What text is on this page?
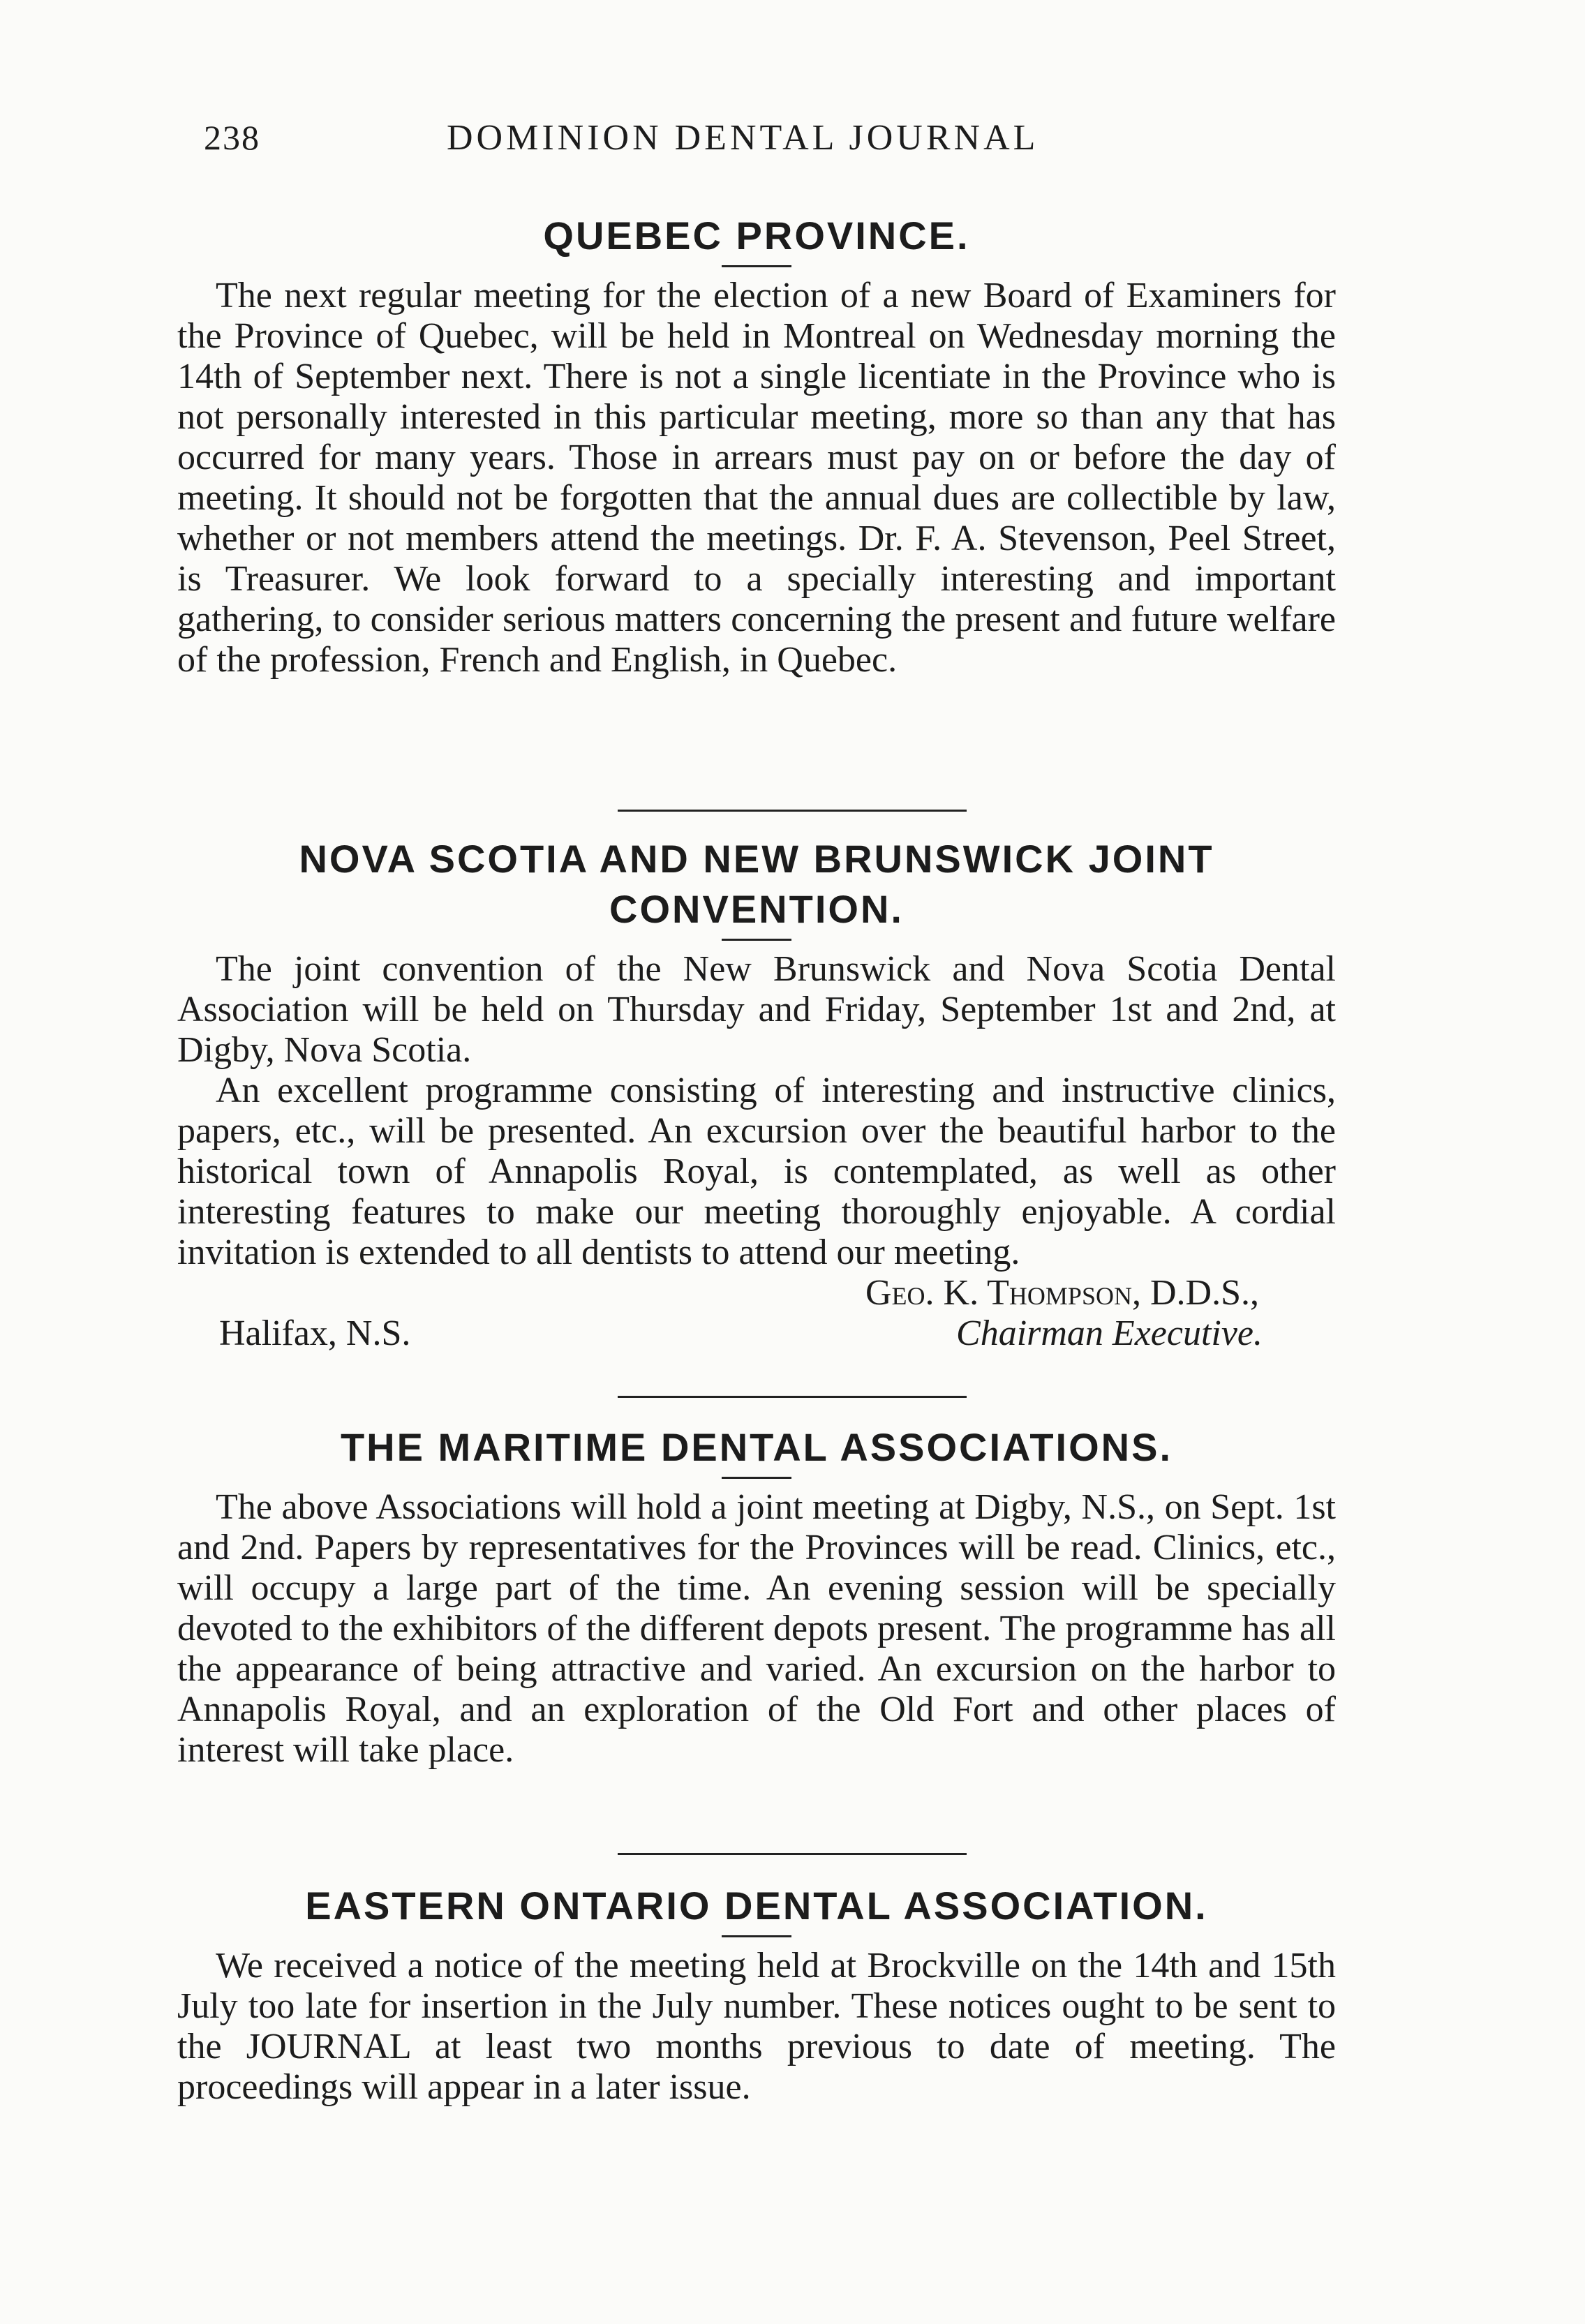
238	DOMINION DENTAL JOURNAL
QUEBEC PROVINCE.

The next regular meeting for the election of a new Board of Examiners for the Province of Quebec, will be held in Montreal on Wednesday morning the 14th of September next. There is not a single licentiate in the Province who is not personally interested in this particular meeting, more so than any that has occurred for many years. Those in arrears must pay on or before the day of meeting. It should not be forgotten that the annual dues are collectible by law, whether or not members attend the meetings. Dr. F. A. Stevenson, Peel Street, is Treasurer. We look forward to a specially interesting and important gathering, to consider serious matters concerning the present and future welfare of the profession, French and English, in Quebec.

NOVA SCOTIA AND NEW BRUNSWICK JOINT
CONVENTION.

The joint convention of the New Brunswick and Nova Scotia Dental Association will be held on Thursday and Friday, September 1st and 2nd, at Digby, Nova Scotia.

An excellent programme consisting of interesting and instructive clinics, papers, etc., will be presented. An excursion over the beautiful harbor to the historical town of Annapolis Royal, is contemplated, as well as other interesting features to make our meeting thoroughly enjoyable. A cordial invitation is extended to all dentists to attend our meeting.

Geo. K. Thompson, D.D.S.,
Halifax, N.S.	Chairman Executive.
THE MARITIME DENTAL ASSOCIATIONS.

The above Associations will hold a joint meeting at Digby, N.S., on Sept. 1st and 2nd. Papers by representatives for the Provinces will be read. Clinics, etc., will occupy a large part of the time. An evening session will be specially devoted to the exhibitors of the different depots present. The programme has all the appearance of being attractive and varied. An excursion on the harbor to Annapolis Royal, and an exploration of the Old Fort and other places of interest will take place.

EASTERN ONTARIO DENTAL ASSOCIATION.

We received a notice of the meeting held at Brockville on the 14th and 15th July too late for insertion in the July number. These notices ought to be sent to the JOURNAL at least two months previous to date of meeting. The proceedings will appear in a later issue.
